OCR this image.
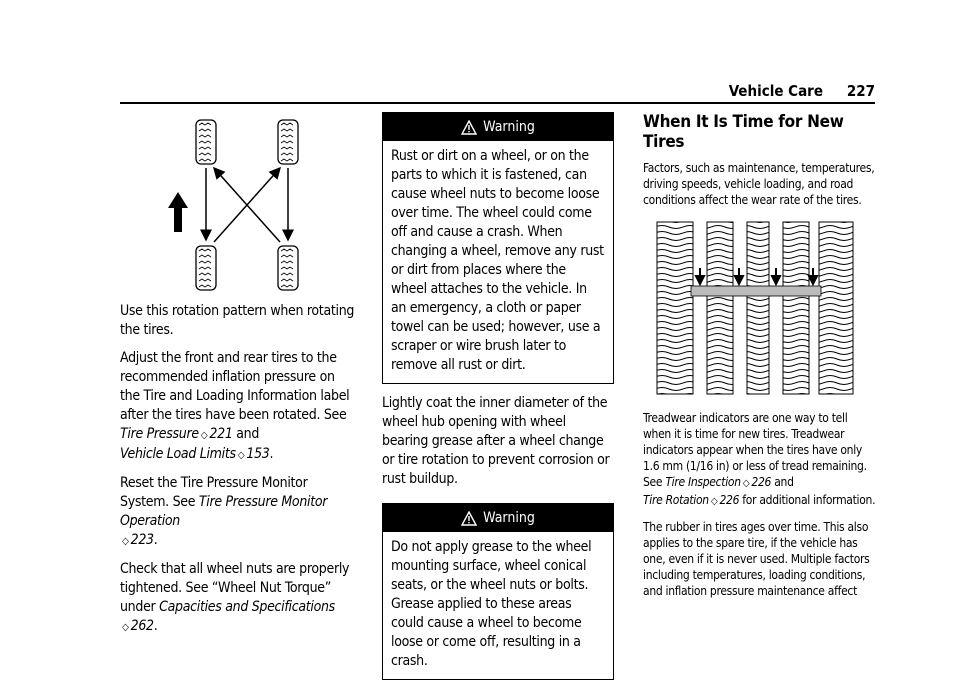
Vehicle Care 227

Use this rotation pattern when rotating the tires.

Adjust the front and rear tires to the recommended inflation pressure on the Tire and Loading Information label after the tires have been rotated. See Tire Pressure ◇ 221 and
Vehicle Load Limits ◇ 153.

Reset the Tire Pressure Monitor System. See Tire Pressure Monitor Operation
◇ 223.

Check that all wheel nuts are properly tightened. See “Wheel Nut Torque” under Capacities and Specifications
◇ 262.

Warning
Rust or dirt on a wheel, or on the parts to which it is fastened, can cause wheel nuts to become loose over time. The wheel could come off and cause a crash. When changing a wheel, remove any rust or dirt from places where the wheel attaches to the vehicle. In an emergency, a cloth or paper towel can be used; however, use a scraper or wire brush later to remove all rust or dirt.

Lightly coat the inner diameter of the wheel hub opening with wheel bearing grease after a wheel change or tire rotation to prevent corrosion or rust buildup.

Warning
Do not apply grease to the wheel mounting surface, wheel conical seats, or the wheel nuts or bolts. Grease applied to these areas could cause a wheel to become loose or come off, resulting in a crash.
When It Is Time for New Tires

Factors, such as maintenance, temperatures, driving speeds, vehicle loading, and road conditions affect the wear rate of the tires.

Treadwear indicators are one way to tell when it is time for new tires. Treadwear indicators appear when the tires have only 1.6 mm (1/16 in) or less of tread remaining. See Tire Inspection ◇ 226 and
Tire Rotation ◇ 226 for additional information.

The rubber in tires ages over time. This also applies to the spare tire, if the vehicle has one, even if it is never used. Multiple factors including temperatures, loading conditions, and inflation pressure maintenance affect
